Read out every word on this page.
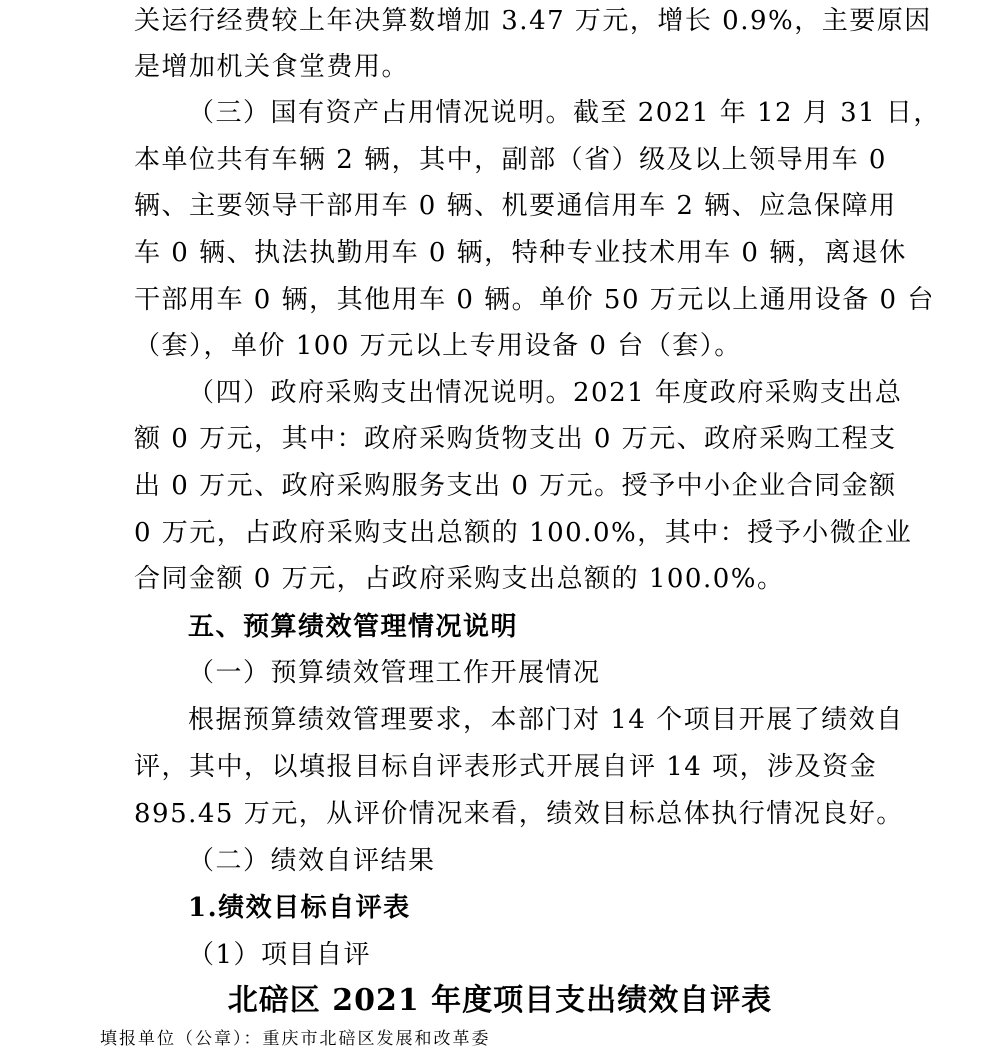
关运行经费较上年决算数增加 3.47 万元，增长 0.9%，主要原因
是增加机关食堂费用。
（三）国有资产占用情况说明。截至 2021 年 12 月 31 日，
本单位共有车辆 2 辆，其中，副部（省）级及以上领导用车 0
辆、主要领导干部用车 0 辆、机要通信用车 2 辆、应急保障用
车 0 辆、执法执勤用车 0 辆，特种专业技术用车 0 辆，离退休
干部用车 0 辆，其他用车 0 辆。单价 50 万元以上通用设备 0 台
（套），单价 100 万元以上专用设备 0 台（套）。
（四）政府采购支出情况说明。2021 年度政府采购支出总
额 0 万元，其中：政府采购货物支出 0 万元、政府采购工程支
出 0 万元、政府采购服务支出 0 万元。授予中小企业合同金额
0 万元，占政府采购支出总额的 100.0%，其中：授予小微企业
合同金额 0 万元，占政府采购支出总额的 100.0%。
五、预算绩效管理情况说明
（一）预算绩效管理工作开展情况
根据预算绩效管理要求，本部门对 14 个项目开展了绩效自
评，其中，以填报目标自评表形式开展自评 14 项，涉及资金
895.45 万元，从评价情况来看，绩效目标总体执行情况良好。
（二）绩效自评结果
1.绩效目标自评表
（1）项目自评
北碚区 2021 年度项目支出绩效自评表
填报单位（公章）：重庆市北碚区发展和改革委
